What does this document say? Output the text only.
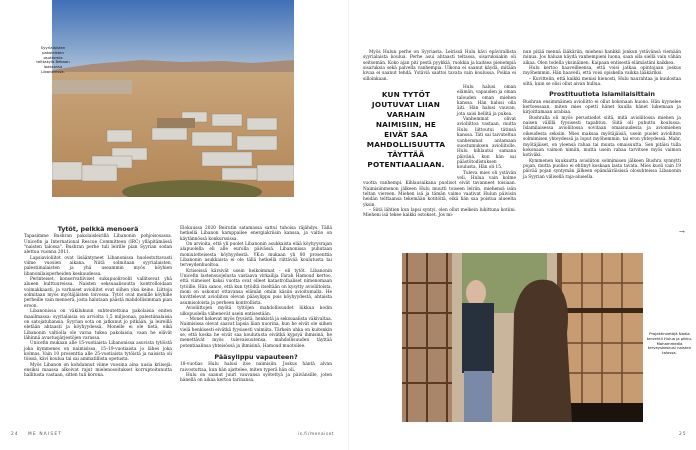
Syyrialaisten pakolaisten osuttomia telttakylä Bekaan laaksossa Libanonissa.
Tytöt, pelkkä menoerä

Tapasimme Bushran pakolaisleirillä Libanonin pohjoisosassa. Unicefin ja International Rescue Committeen (IRC) ylläpitämässä "naisten talossa". Bushran perhe tuli leirille pian Syyrian sodan alettua vuonna 2011.

Lapsiavioliitot ovat lisääntyneet Libanonissa huolestuttavasti viime vuosien aikana. Niitä solmitaan syyrialaisten, palestiinalaisten ja yhä useammin myös köyhien libanonilaisperheiden keskuudessa.

Perinteiset, konservatiiviset sukupuoliroolit vallitsevat yhä alueen kulttuureissa. Naisten seksuaalisuutta kontrolloidaan voimakkaasti, ja varhaiset avioliitot ovat siihen yksi keino. Liittoja solmitaan myös myötäjäisten toivossa. Tytöt ovat monille köyhille perheille vain menoerä, josta halutaan päästä mahdollisimman pian eroon.

Libanonissa on väkilukuun suhteutettuna pakolaisia eniten maailmassa: syyrialaisia on arviolta 1,5 miljoonaa, palestiinalaisia on satojatuhansia. Syyrian sota on jatkunut jo pitkään, ja leireillä eletään ahtaasti ja köyhyydessä. Monelle ei ole tietä, eikä Libanonin valtiolla ole varaa tukea pakolaisia, vaan he elävät lähinnä avustusjärjestöjen varassa.

Unicefin mukaan alle 15-vuotiaista Libanonissa asuvista tytöistä joka kymmenes on naimisissa, 15–19-vuotiaista jo lähes joka kolmas. Vain 10 prosenttia alle 25-vuotiaista tytöistä ja naisista oli töissä, kävi koulua tai sai ammatillista opetusta.

Myös Libanon on kohdannut viime vuosina aina uusia kriisejä: ensiksi maassa alkoivat rajut mielenosoitukset korruptoitunutta hallitusta vastaan, sitten tuli korona.

Elokuussa 2020 Beirutin satamassa sattui tuhoisa räjähdys. Tällä hetkellä Libanon kamppailee energiakriisin kanssa, ja valtio on käytännössä konkurssissa.

On arvioita, että yli puolet Libanonin asukkaista elää köyhyysrajan alapuolella eli alle eurolla päivässä. Libanonissa puhutaan moniulotteisesta köyhyydestä. YK:n mukaan yli 80 prosenttia Libanonin asukkaista ei ole tällä hetkellä riittävää koulutusta tai terveydenhuoltoa.

Kriiseissä kärsivät usein heikoimmat – eli tytöt. Libanonin Unicefin lastensuojelusta vastaava virkailija Farah Hamoud kertoo, että viimeiset kaksi vuotta ovat olleet katastrofaaliset nimenomaan tytöille. Hän sanoo, että kun tytöiltä itseltään on kysytty avioliitoista, moni on uskonut ottavansa elämän omiin käsiin avioitumalla. He kuvittelevat avioliiton olevan pääsylippu pois köyhyydestä, ahtaista asumisoloista ja perheen kontrollista.

Avioliittojen myötä tyttöjen mahdollisuudet liikkua kodin ulkopuolella vähenevät usein entisestään.

– Monet kokevat myös fyysistä, henkistä ja seksuaalista väkivaltaa. Naimisissa olevat saavat lapsia liian nuorina, kun he eivät ole siihen vielä henkisesti eivätkä fyysisesti valmiita. Tärkein uhka on kuitenkin se, että koska he eivät saa koulutusta eivätkä kypsyä ihmisinä, he menettävät myös tulevaisuutensa, mahdollisuuden täyttää potentiaalinsa yhteisössä ja ihmisinä, Hamoud muotoilee.

Pääsylippu vapauteen?

18-vuotias Hulu halusi itse naimisiin. Joskus häntä alvan raivostuttaa, kun hän ajattelee, miten typerä hän oli.

Hulu on saanut juuri vauvansa syötettyä ja päivänsille, joten hänellä on aikaa kertoa tarinansa.

24 ME NAISET	is.fi/menaiset

Myös Hulun perhe on Syyriasta. Leirissä Hulu kävi epävirallista syyrialaista koulua. Perhe asui ahtaasti teltassa, sisaruksiakin oli seitsemän. Koko ajan piti pestä pyykkiä, ruokkia ja kaitsea pienempiä sisaruksia sekä palvella vanhempia. Ulkona ei saanut käydä, mitään kivaa ei saanut tehdä. Ystäviä saattoi tavata vain koulussa. Poikia ei silloinkaan.

KUN TYTÖT JOUTUVAT LIIAN VARHAIN NAIMISIIN, HE EIVÄT SAA MAHDOLLISUUTTA TÄYTTÄÄ POTENTIAALIAAN.

Hulu halusi oman elämän, vapauden ja oman talouden oman miehen kanssa. Hän halusi olla äiti. Hän halusi vauvan, jota saisi hellitä ja pukea.

Vanhemmat olivat avioliittoa vastaan, mutta Hulu liittoutui tätinsä kanssa. Täti sai taivuteltua vanhemmat antamaan suostumuksen avioliitolle. Hulu kihlautui samana päivänä, kun hän sai päästötodistuksen

koulusta. Hän oli 15.

Tuleva mies oli ystävän veli, Hulua vain kolme vuotta vanhempi. Kihlausaikana puolisot eivät tavanneet toisiaan. Naimisiinmenon jälkeen Hulu muutti toiseen leiriin, miehensä isän teltan viereen. Miehen isä ja tämän vaimo vaativat Hulun päivisin heidän telttaansa tekemään kotitöitä, eikä hän saa poistua alueelta yksin.

– Siitä lähtien kun lapsi syntyi, olen ollut melkein lukittuna kotiini. Mieheni isä tekee kaikki ostokset. Jos mi-

nun pitää mennä lääkäriin, mieheni hankkii jonkun ystävänsä viemään minua. Jos haluan käydä vanhempieni luona, saan olla siellä vain vähän aikaa. Olen todella yksinäinen. Kaipaan entisestä elämästäni kaikkea.

Hulu kertoo haaveilleensa, että voisi jatkaa opintojaan joskus myöhemmin. Hän haaveili, että voisi opiskella vaikka lääkäriksi.

– Kuvittelin, että kaikki menisi hienosti, Hulu naurahtaa ja kuulostaa siltä, kuin se olisi ollut aivan hullua.

Prostituutiota islamilaisittain

Bushran ensimmäinen avioliitto ei ollut kokonaan huono. Hän kyynelee kertoessaan, miten mies opetti hänet kuulla hänet lukemaan ja kirjoittamaan arabiaa.

Bushralla oli myös perustiedot siitä, mitä avioliitossa miehen ja naisen välillä fyysisesti tapahtuu. Siitä oli puhuttu koulussa. Islamilaisessa avioliitossa sovitaan omaisuudesta ja aviomiehen oikeudesta seksiin. Mies maksaa myötäjäisiä, usein puolet avioliiton solmimisen yhteydessä ja loput myöhemmin, tai eron yhteydessä. Mahr, myötäjäiset, on yleensä rahaa tai muuta omaisuutta. Sen pitäisi tulla kokonaan vaimon nimiin, mutta usein rahaa tarvitsee myös vaimon kotiväki.

Kymmenen kuukautta avioliiton solmimisen jälkeen Bushra synnytti pojan, mutta puoliso ei ehtinyt koskaan lasta tavata. Mies kuoli vain 19 päivää pojan syntymän jälkeen epämääräisissä olosuhteissa Libanonin ja Syyrian välisellä raja-alueella.

→
Projektinvetäjä Nadia tervehtii Hulua ja pikku-Mohammedia terveyskeskusi naisten talossa.
25
